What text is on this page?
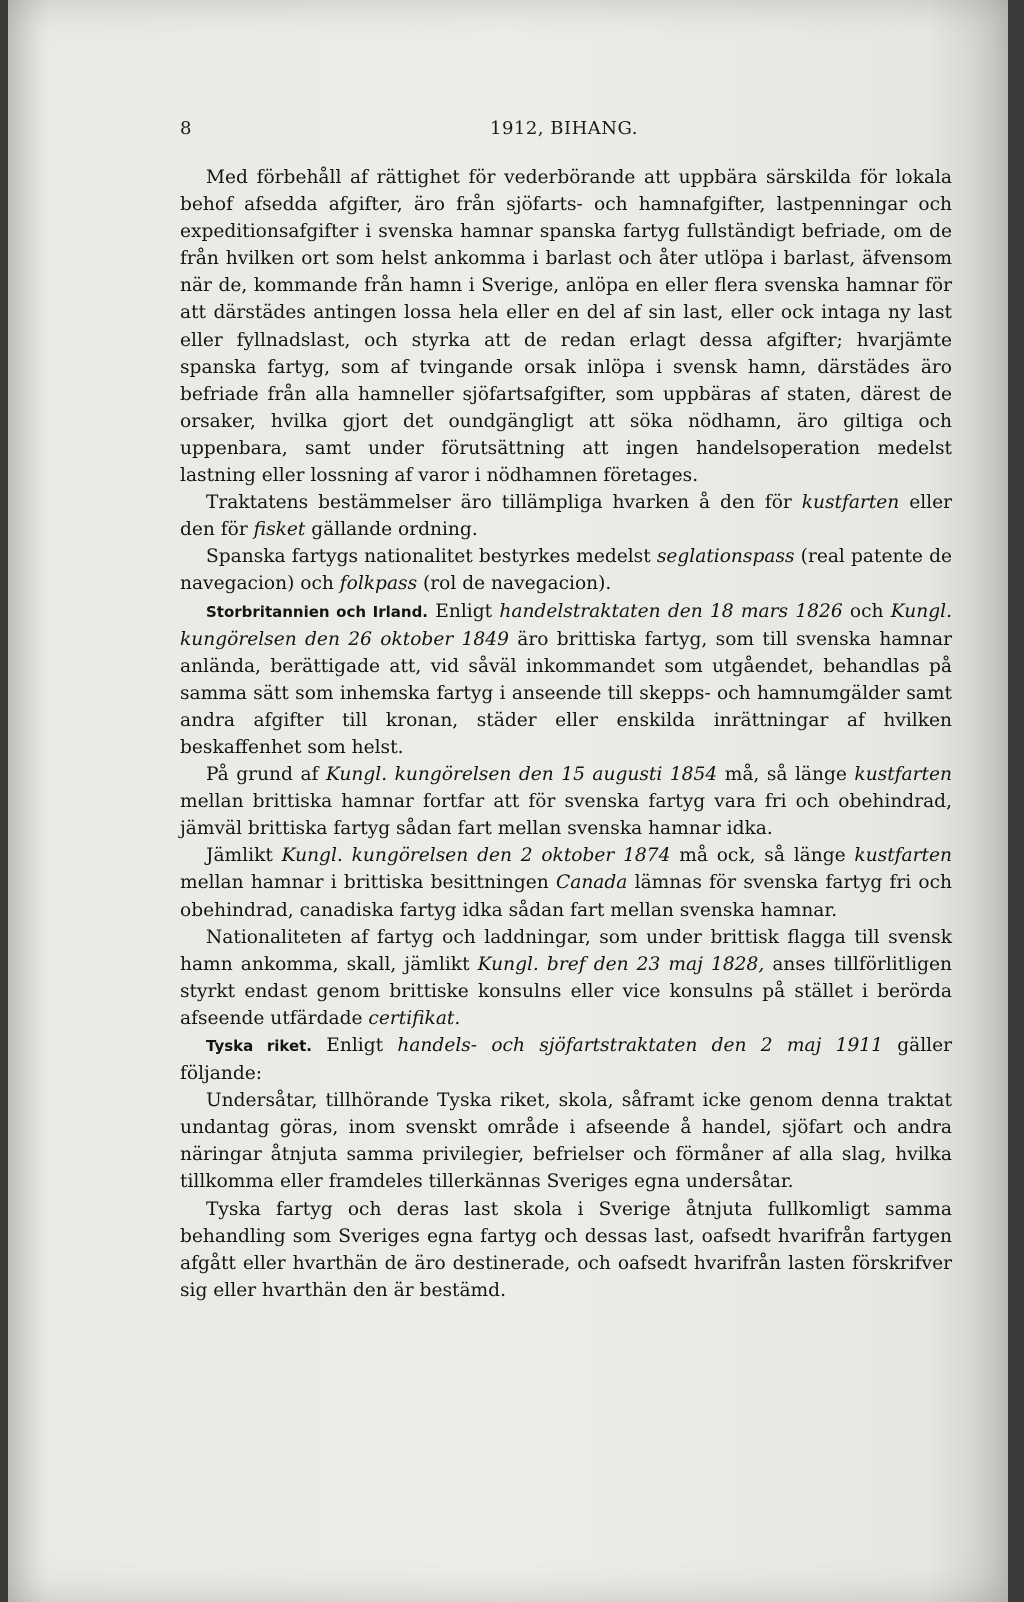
8	1912, BIHANG.

Med förbehåll af rättighet för vederbörande att uppbära särskilda för lokala behof afsedda afgifter, äro från sjöfarts- och hamnafgifter, lastpenningar och expeditionsafgifter i svenska hamnar spanska fartyg fullständigt befriade, om de från hvilken ort som helst ankomma i barlast och åter utlöpa i barlast, äfvensom när de, kommande från hamn i Sverige, anlöpa en eller flera svenska hamnar för att därstädes antingen lossa hela eller en del af sin last, eller ock intaga ny last eller fyllnadslast, och styrka att de redan erlagt dessa afgifter; hvarjämte spanska fartyg, som af tvingande orsak inlöpa i svensk hamn, därstädes äro befriade från alla hamneller sjöfartsafgifter, som uppbäras af staten, därest de orsaker, hvilka gjort det oundgängligt att söka nödhamn, äro giltiga och uppenbara, samt under förutsättning att ingen handelsoperation medelst lastning eller lossning af varor i nödhamnen företages.

Traktatens bestämmelser äro tillämpliga hvarken å den för kustfarten eller den för fisket gällande ordning.

Spanska fartygs nationalitet bestyrkes medelst seglationspass (real patente de navegacion) och folkpass (rol de navegacion).

Storbritannien och Irland. Enligt handelstraktaten den 18 mars 1826 och Kungl. kungörelsen den 26 oktober 1849 äro brittiska fartyg, som till svenska hamnar anlända, berättigade att, vid såväl inkommandet som utgåendet, behandlas på samma sätt som inhemska fartyg i anseende till skepps- och hamnumgälder samt andra afgifter till kronan, städer eller enskilda inrättningar af hvilken beskaffenhet som helst.

På grund af Kungl. kungörelsen den 15 augusti 1854 må, så länge kustfarten mellan brittiska hamnar fortfar att för svenska fartyg vara fri och obehindrad, jämväl brittiska fartyg sådan fart mellan svenska hamnar idka.

Jämlikt Kungl. kungörelsen den 2 oktober 1874 må ock, så länge kustfarten mellan hamnar i brittiska besittningen Canada lämnas för svenska fartyg fri och obehindrad, canadiska fartyg idka sådan fart mellan svenska hamnar.

Nationaliteten af fartyg och laddningar, som under brittisk flagga till svensk hamn ankomma, skall, jämlikt Kungl. bref den 23 maj 1828, anses tillförlitligen styrkt endast genom brittiske konsulns eller vice konsulns på stället i berörda afseende utfärdade certifikat.

Tyska riket. Enligt handels- och sjöfartstraktaten den 2 maj 1911 gäller följande:

Undersåtar, tillhörande Tyska riket, skola, såframt icke genom denna traktat undantag göras, inom svenskt område i afseende å handel, sjöfart och andra näringar åtnjuta samma privilegier, befrielser och förmåner af alla slag, hvilka tillkomma eller framdeles tillerkännas Sveriges egna undersåtar.

Tyska fartyg och deras last skola i Sverige åtnjuta fullkomligt samma behandling som Sveriges egna fartyg och dessas last, oafsedt hvarifrån fartygen afgått eller hvarthän de äro destinerade, och oafsedt hvarifrån lasten förskrifver sig eller hvarthän den är bestämd.
